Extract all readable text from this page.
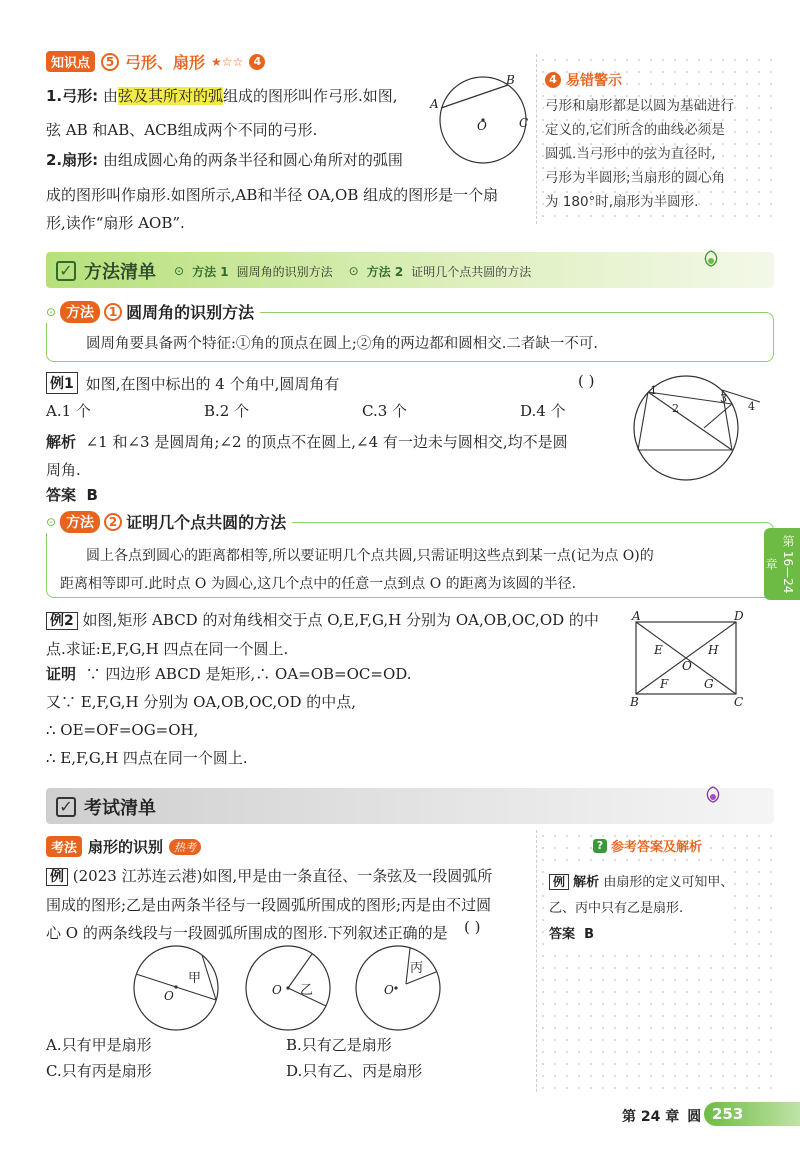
知识点	5 弓形、扇形 ★☆☆ 4
1.弓形: 由弦及其所对的弧组成的图形叫作弓形.如图,
弦 AB 和AB、ACB组成两个不同的弓形.
2.扇形: 由组成圆心角的两条半径和圆心角所对的弧围
成的图形叫作扇形.如图所示,AB和半径 OA,OB 组成的图形是一个扇
形,读作“扇形 AOB”.
A
B
C
O
4 易错警示
弓形和扇形都是以圆为基础进行
定义的,它们所含的曲线必须是
圆弧.当弓形中的弦为直径时,
弓形为半圆形;当扇形的圆心角
为 180°时,扇形为半圆形.
✓ 方法清单 ⊙ 方法 1 圆周角的识别方法 ⊙ 方法 2 证明几个点共圆的方法
⊙ 方法	1 圆周角的识别方法
圆周角要具备两个特征:①角的顶点在圆上;②角的两边都和圆相交.二者缺一不可.
例1 如图,在图中标出的 4 个角中,圆周角有	( )
A.1 个	B.2 个	C.3 个	D.4 个
解析 ∠1 和∠3 是圆周角;∠2 的顶点不在圆上,∠4 有一边未与圆相交,均不是圆
周角.
答案 B
1
2
3
4
⊙ 方法	2 证明几个点共圆的方法
圆上各点到圆心的距离都相等,所以要证明几个点共圆,只需证明这些点到某一点(记为点 O)的
距离相等即可.此时点 O 为圆心,这几个点中的任意一点到点 O 的距离为该圆的半径.	第 16—24 章
例2 如图,矩形 ABCD 的对角线相交于点 O,E,F,G,H 分别为 OA,OB,OC,OD 的中
点.求证:E,F,G,H 四点在同一个圆上.
证明 ∵ 四边形 ABCD 是矩形,∴ OA=OB=OC=OD.
又∵ E,F,G,H 分别为 OA,OB,OC,OD 的中点,
∴ OE=OF=OG=OH,
∴ E,F,G,H 四点在同一个圆上.
A	D
B	C
E	H
O
F	G
✓ 考试清单
考法 扇形的识别	热考
例 (2023 江苏连云港)如图,甲是由一条直径、一条弦及一段圆弧所
围成的图形;乙是由两条半径与一段圆弧所围成的图形;丙是由不过圆
心 O 的两条线段与一段圆弧所围成的图形.下列叙述正确的是	( )
甲
O	乙
O
丙
O
A.只有甲是扇形	B.只有乙是扇形
C.只有丙是扇形	D.只有乙、丙是扇形
? 参考答案及解析
例 解析 由扇形的定义可知甲、
乙、丙中只有乙是扇形.
答案 B
第 24 章 圆 253
